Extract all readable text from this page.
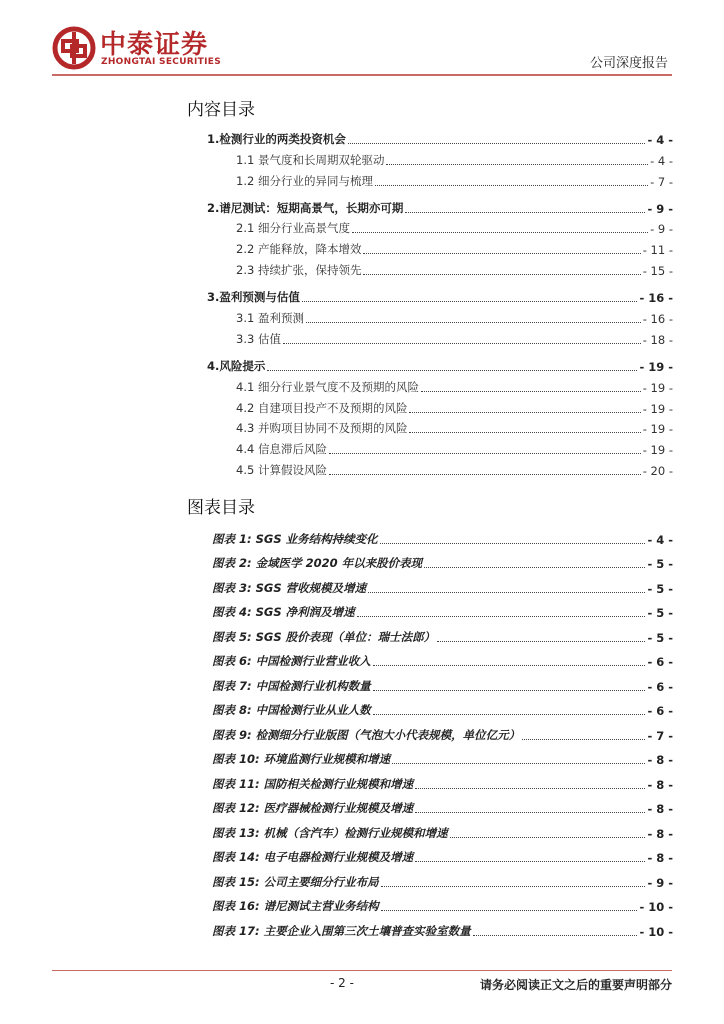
中泰证券
ZHONGTAI SECURITIES	公司深度报告
内容目录
1.检测行业的两类投资机会	- 4 -
1.1 景气度和长周期双轮驱动	- 4 -
1.2 细分行业的异同与梳理	- 7 -
2.谱尼测试：短期高景气，长期亦可期	- 9 -
2.1 细分行业高景气度	- 9 -
2.2 产能释放，降本增效	- 11 -
2.3 持续扩张，保持领先	- 15 -
3.盈利预测与估值	- 16 -
3.1 盈利预测	- 16 -
3.3 估值	- 18 -
4.风险提示	- 19 -
4.1 细分行业景气度不及预期的风险	- 19 -
4.2 自建项目投产不及预期的风险	- 19 -
4.3 并购项目协同不及预期的风险	- 19 -
4.4 信息滞后风险	- 19 -
4.5 计算假设风险	- 20 -
图表目录
图表 1: SGS 业务结构持续变化	- 4 -
图表 2: 金域医学 2020 年以来股价表现	- 5 -
图表 3: SGS 营收规模及增速	- 5 -
图表 4: SGS 净利润及增速	- 5 -
图表 5: SGS 股价表现（单位：瑞士法郎）	- 5 -
图表 6: 中国检测行业营业收入	- 6 -
图表 7: 中国检测行业机构数量	- 6 -
图表 8: 中国检测行业从业人数	- 6 -
图表 9: 检测细分行业版图（气泡大小代表规模，单位亿元）	- 7 -
图表 10: 环境监测行业规模和增速	- 8 -
图表 11: 国防相关检测行业规模和增速	- 8 -
图表 12: 医疗器械检测行业规模及增速	- 8 -
图表 13: 机械（含汽车）检测行业规模和增速	- 8 -
图表 14: 电子电器检测行业规模及增速	- 8 -
图表 15: 公司主要细分行业布局	- 9 -
图表 16: 谱尼测试主营业务结构	- 10 -
图表 17: 主要企业入围第三次土壤普查实验室数量	- 10 -
- 2 -	请务必阅读正文之后的重要声明部分
